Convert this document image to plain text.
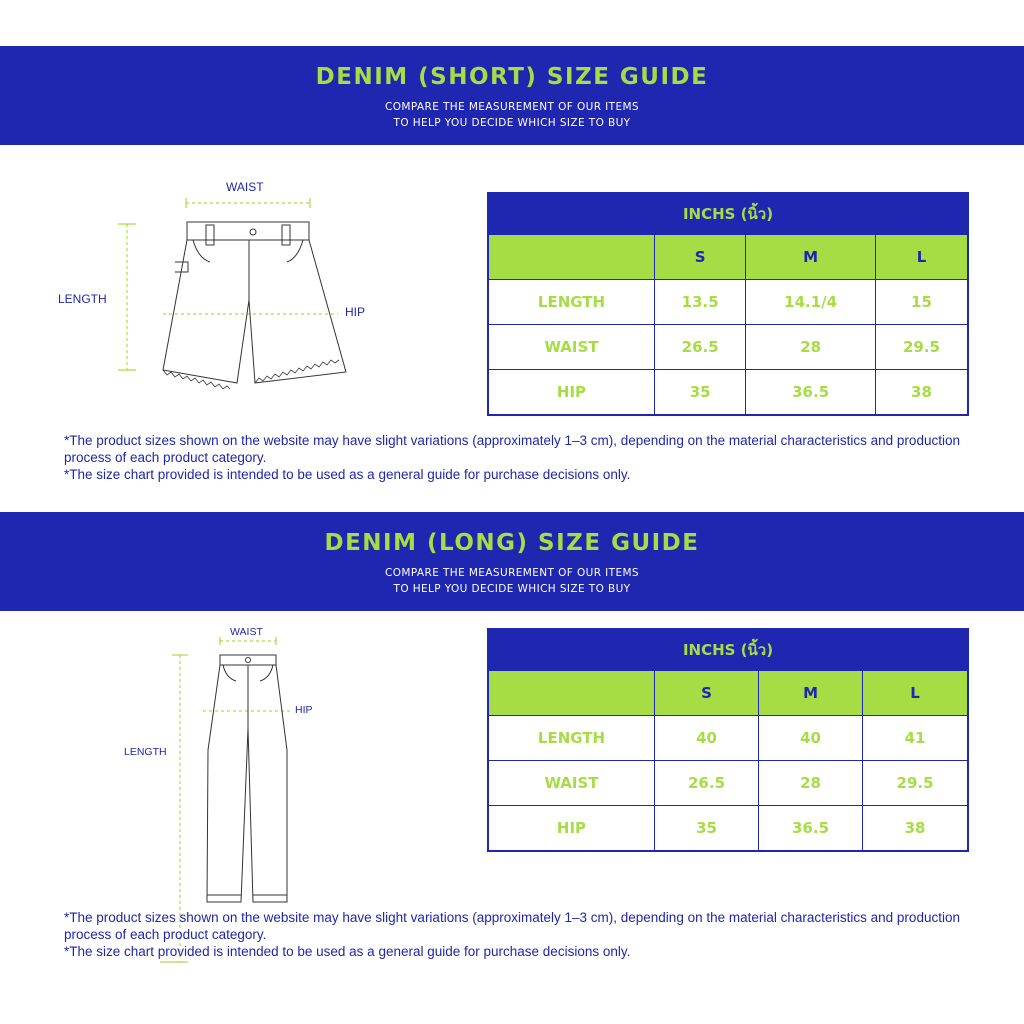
DENIM (SHORT) SIZE GUIDE
COMPARE THE MEASUREMENT OF OUR ITEMS
TO HELP YOU DECIDE WHICH SIZE TO BUY
WAIST
LENGTH
HIP
INCHS (นิ้ว)			
	S	M	L
LENGTH	13.5	14.1/4	15
WAIST	26.5	28	29.5
HIP	35	36.5	38

*The product sizes shown on the website may have slight variations (approximately 1–3 cm), depending on the material characteristics and production process of each product category.

*The size chart provided is intended to be used as a general guide for purchase decisions only.

DENIM (LONG) SIZE GUIDE
COMPARE THE MEASUREMENT OF OUR ITEMS
TO HELP YOU DECIDE WHICH SIZE TO BUY
WAIST
LENGTH
HIP
INCHS (นิ้ว)			
	S	M	L
LENGTH	40	40	41
WAIST	26.5	28	29.5
HIP	35	36.5	38

*The product sizes shown on the website may have slight variations (approximately 1–3 cm), depending on the material characteristics and production process of each product category.

*The size chart provided is intended to be used as a general guide for purchase decisions only.
